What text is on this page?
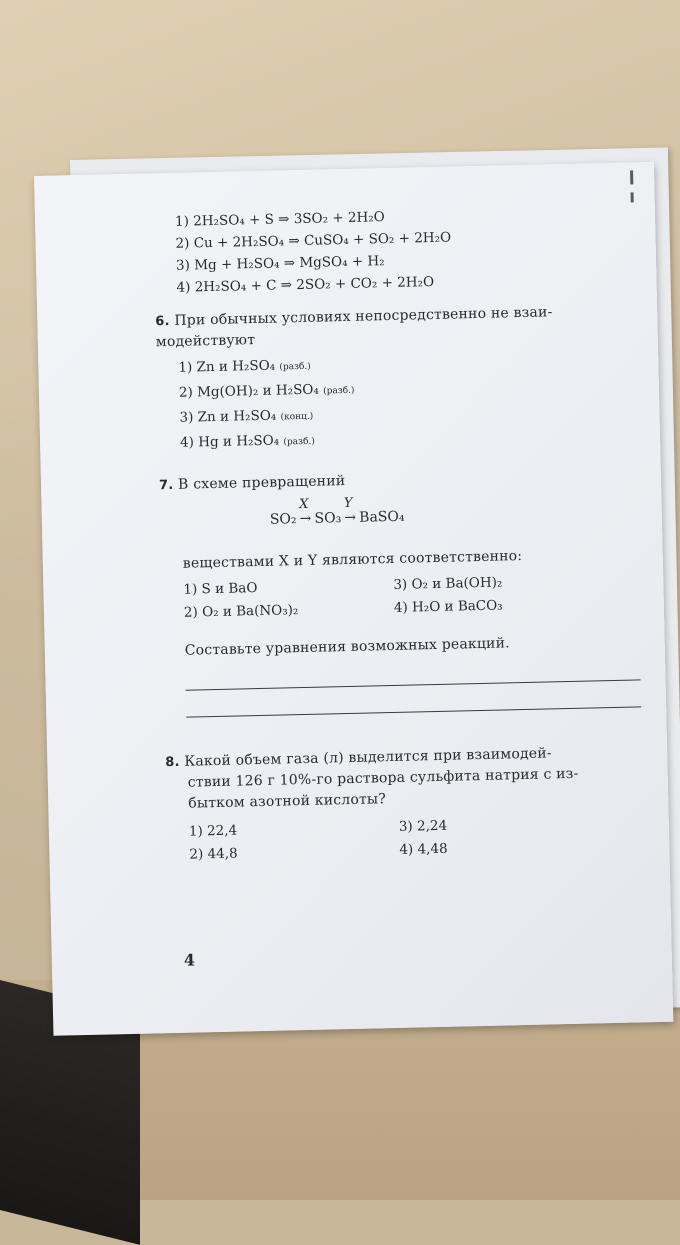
1) 2H₂SO₄ + S ⇒ 3SO₂ + 2H₂O
2) Cu + 2H₂SO₄ ⇒ CuSO₄ + SO₂ + 2H₂O
3) Mg + H₂SO₄ ⇒ MgSO₄ + H₂
4) 2H₂SO₄ + C ⇒ 2SO₂ + CO₂ + 2H₂O
6. При обычных условиях непосредственно не взаи-модействуют
1) Zn и H₂SO₄ (разб.)
2) Mg(OH)₂ и H₂SO₄ (разб.)
3) Zn и H₂SO₄ (конц.)
4) Hg и H₂SO₄ (разб.)
7. В схеме превращений
SO₂
X
→ SO₃
Y
→ BaSO₄
веществами X и Y являются соответственно:
1) S и BaO
2) O₂ и Ba(NO₃)₂
3) O₂ и Ba(OH)₂
4) H₂O и BaCO₃
Составьте уравнения возможных реакций.
8. Какой объем газа (л) выделится при взаимодей-
ствии 126 г 10%-го раствора сульфита натрия с из-
бытком азотной кислоты?
1) 22,4
2) 44,8
3) 2,24
4) 4,48
4
